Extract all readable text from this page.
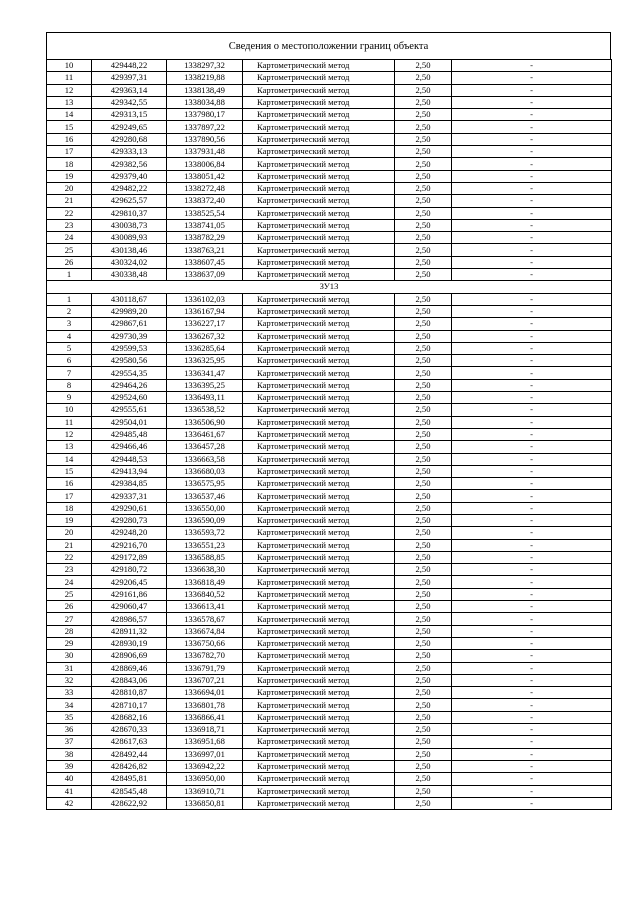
Сведения о местоположении границ объекта
10	429448,22	1338297,32	Картометрический метод	2,50	-
11	429397,31	1338219,88	Картометрический метод	2,50	-
12	429363,14	1338138,49	Картометрический метод	2,50	-
13	429342,55	1338034,88	Картометрический метод	2,50	-
14	429313,15	1337980,17	Картометрический метод	2,50	-
15	429249,65	1337897,22	Картометрический метод	2,50	-
16	429280,68	1337890,56	Картометрический метод	2,50	-
17	429333,13	1337931,48	Картометрический метод	2,50	-
18	429382,56	1338006,84	Картометрический метод	2,50	-
19	429379,40	1338051,42	Картометрический метод	2,50	-
20	429482,22	1338272,48	Картометрический метод	2,50	-
21	429625,57	1338372,40	Картометрический метод	2,50	-
22	429810,37	1338525,54	Картометрический метод	2,50	-
23	430038,73	1338741,05	Картометрический метод	2,50	-
24	430089,93	1338782,29	Картометрический метод	2,50	-
25	430138,46	1338763,21	Картометрический метод	2,50	-
26	430324,02	1338607,45	Картометрический метод	2,50	-
1	430338,48	1338637,09	Картометрический метод	2,50	-
ЗУ13					
1	430118,67	1336102,03	Картометрический метод	2,50	-
2	429989,20	1336167,94	Картометрический метод	2,50	-
3	429867,61	1336227,17	Картометрический метод	2,50	-
4	429730,39	1336267,32	Картометрический метод	2,50	-
5	429599,53	1336285,64	Картометрический метод	2,50	-
6	429580,56	1336325,95	Картометрический метод	2,50	-
7	429554,35	1336341,47	Картометрический метод	2,50	-
8	429464,26	1336395,25	Картометрический метод	2,50	-
9	429524,60	1336493,11	Картометрический метод	2,50	-
10	429555,61	1336538,52	Картометрический метод	2,50	-
11	429504,01	1336506,90	Картометрический метод	2,50	-
12	429485,48	1336461,67	Картометрический метод	2,50	-
13	429466,46	1336457,28	Картометрический метод	2,50	-
14	429448,53	1336663,58	Картометрический метод	2,50	-
15	429413,94	1336680,03	Картометрический метод	2,50	-
16	429384,85	1336575,95	Картометрический метод	2,50	-
17	429337,31	1336537,46	Картометрический метод	2,50	-
18	429290,61	1336550,00	Картометрический метод	2,50	-
19	429280,73	1336590,09	Картометрический метод	2,50	-
20	429248,20	1336593,72	Картометрический метод	2,50	-
21	429216,70	1336551,23	Картометрический метод	2,50	-
22	429172,89	1336588,85	Картометрический метод	2,50	-
23	429180,72	1336638,30	Картометрический метод	2,50	-
24	429206,45	1336818,49	Картометрический метод	2,50	-
25	429161,86	1336840,52	Картометрический метод	2,50	-
26	429060,47	1336613,41	Картометрический метод	2,50	-
27	428986,57	1336578,67	Картометрический метод	2,50	-
28	428911,32	1336674,84	Картометрический метод	2,50	-
29	428930,19	1336750,66	Картометрический метод	2,50	-
30	428906,69	1336782,70	Картометрический метод	2,50	-
31	428869,46	1336791,79	Картометрический метод	2,50	-
32	428843,06	1336707,21	Картометрический метод	2,50	-
33	428810,87	1336694,01	Картометрический метод	2,50	-
34	428710,17	1336801,78	Картометрический метод	2,50	-
35	428682,16	1336866,41	Картометрический метод	2,50	-
36	428670,33	1336918,71	Картометрический метод	2,50	-
37	428617,63	1336951,68	Картометрический метод	2,50	-
38	428492,44	1336997,01	Картометрический метод	2,50	-
39	428426,82	1336942,22	Картометрический метод	2,50	-
40	428495,81	1336950,00	Картометрический метод	2,50	-
41	428545,48	1336910,71	Картометрический метод	2,50	-
42	428622,92	1336850,81	Картометрический метод	2,50	-
